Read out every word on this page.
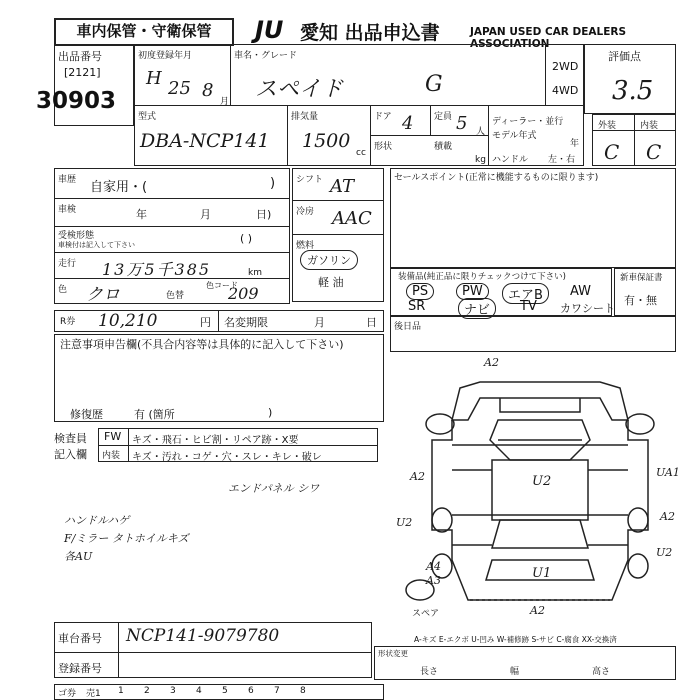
車内保管・守衛保管	JU 愛知 出品申込書	JAPAN USED CAR DEALERS ASSOCIATION
出品番号
[2121]
30903
初度登録年月
H 25 8
月
車名・グレード
スペイド	G
2WD
4WD
評価点
3.5
型式
DBA-NCP141
排気量
1500
cc
ドア 4 定員 5 人
形状	積載
kg
ディーラー・並行
モデル年式
年
ハンドル 左・右
外装	内装
C C
車歴 自家用・(	)
車検	年	月	日)
受検形態
車検付は記入して下さい	( )
走行 13万5千385	km
色 クロ	色替
色コード
209
シフト AT
冷房 AAC
燃料
ガソリン
軽 油
セールスポイント(正常に機能するものに限ります)
装備品(純正品に限りチェックつけて下さい)
PS	PW	エアB	AW
SR	ナビ	TV カワシート
新車保証書
有・無
R券 10,210	円 名変期限	月	日 後日品
注意事項申告欄(不具合内容等は具体的に記入して下さい)
修復歴	有 (箇所	)
検査員
記入欄
FW キズ・飛石・ヒビ割・リペア跡・X要
内装 キズ・汚れ・コゲ・穴・スレ・キレ・破レ
エンドパネル シワ
ハンドルハゲ
F/ミラー タトホイルキズ
各AU
A2
A2	UA1
U2
U2	A2
U2
U1
A4
A3
A2
スペア
A-キズ E-エクボ U-凹み W-補修跡 S-サビ C-腐食 XX-交換済
車台番号 NCP141-9079780
登録番号
形状変更
長さ	幅	高さ
ゴ券 売1 1 2 3 4 5 6 7 8
